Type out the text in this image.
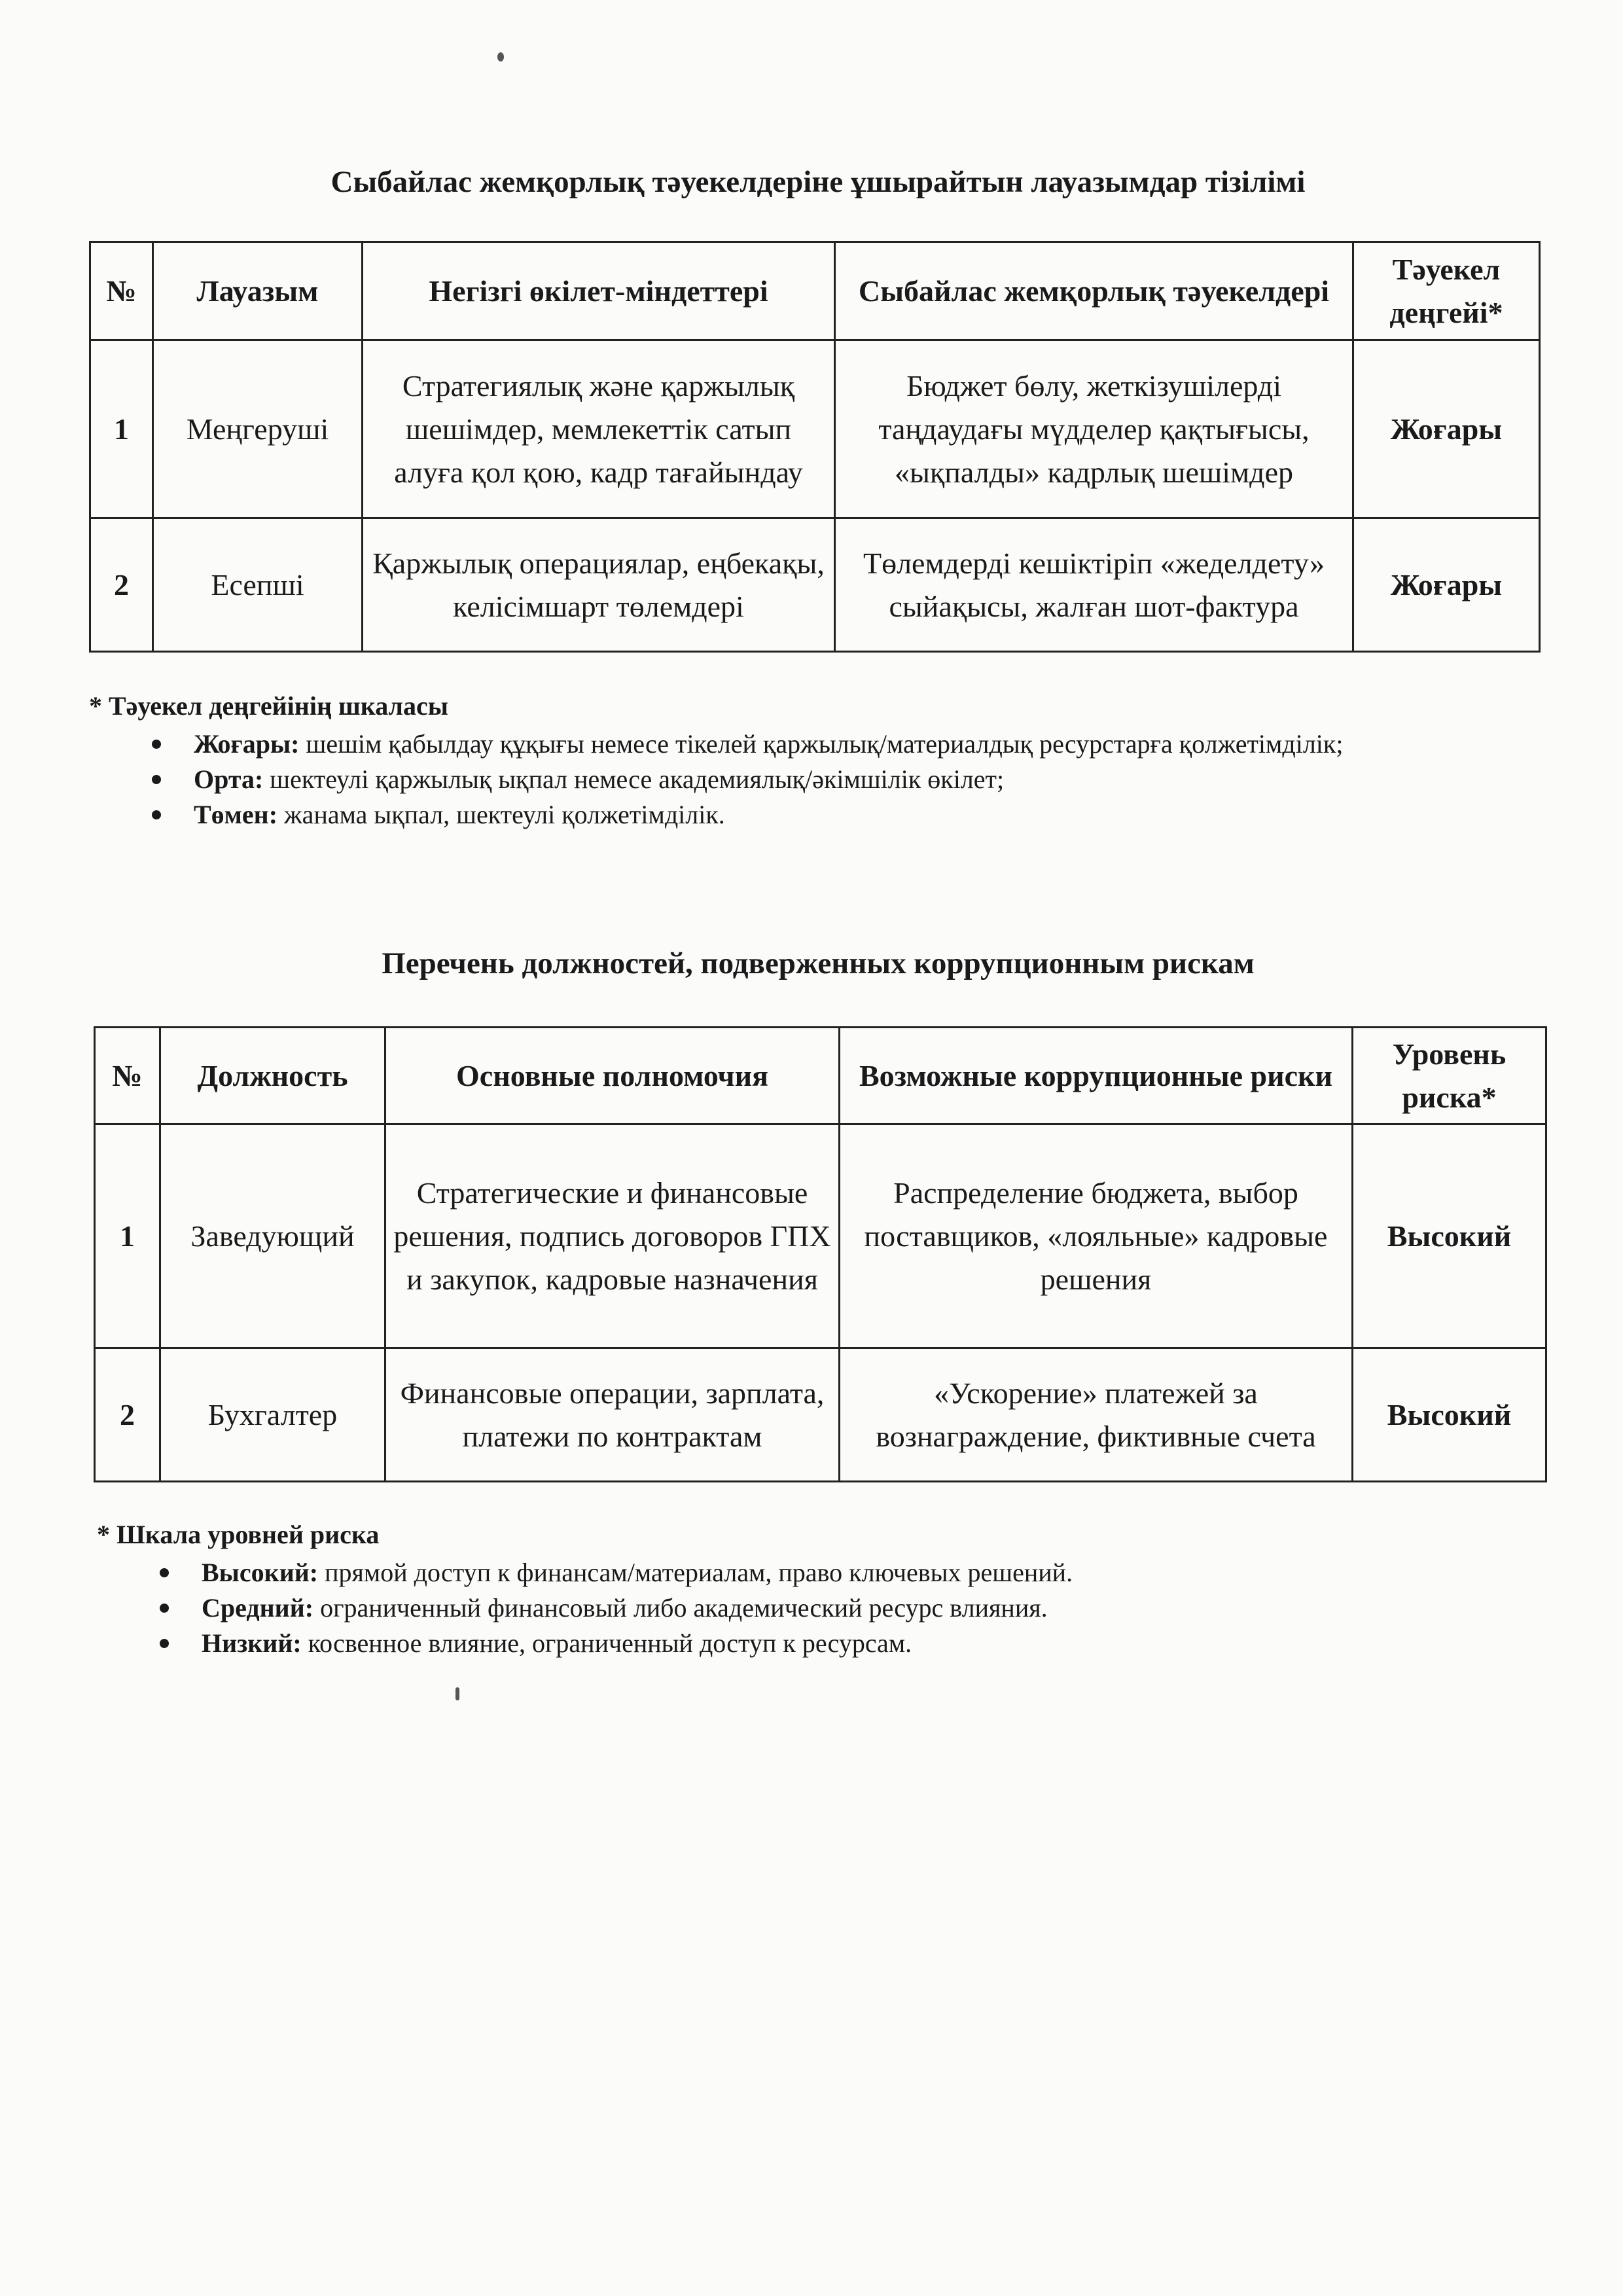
Сыбайлас жемқорлық тәуекелдеріне ұшырайтын лауазымдар тізілімі
№	Лауазым	Негізгі өкілет-міндеттері	Сыбайлас жемқорлық тәуекелдері	Тәуекел деңгейі*
1	Меңгеруші	Стратегиялық және қаржылық шешімдер, мемлекеттік сатып алуға қол қою, кадр тағайындау	Бюджет бөлу, жеткізушілерді таңдаудағы мүдделер қақтығысы, «ықпалды» кадрлық шешімдер	Жоғары
2	Есепші	Қаржылық операциялар, еңбекақы, келісімшарт төлемдері	Төлемдерді кешіктіріп «жеделдету» сыйақысы, жалған шот-фактура	Жоғары
* Тәуекел деңгейінің шкаласы
Жоғары: шешім қабылдау құқығы немесе тікелей қаржылық/материалдық ресурстарға қолжетімділік;
Орта: шектеулі қаржылық ықпал немесе академиялық/әкімшілік өкілет;
Төмен: жанама ықпал, шектеулі қолжетімділік.
Перечень должностей, подверженных коррупционным рискам
№	Должность	Основные полномочия	Возможные коррупционные риски	Уровень риска*
1	Заведующий	Стратегические и финансовые решения, подпись договоров ГПХ и закупок, кадровые назначения	Распределение бюджета, выбор поставщиков, «лояльные» кадровые решения	Высокий
2	Бухгалтер	Финансовые операции, зарплата, платежи по контрактам	«Ускорение» платежей за вознаграждение, фиктивные счета	Высокий
* Шкала уровней риска
Высокий: прямой доступ к финансам/материалам, право ключевых решений.
Средний: ограниченный финансовый либо академический ресурс влияния.
Низкий: косвенное влияние, ограниченный доступ к ресурсам.
